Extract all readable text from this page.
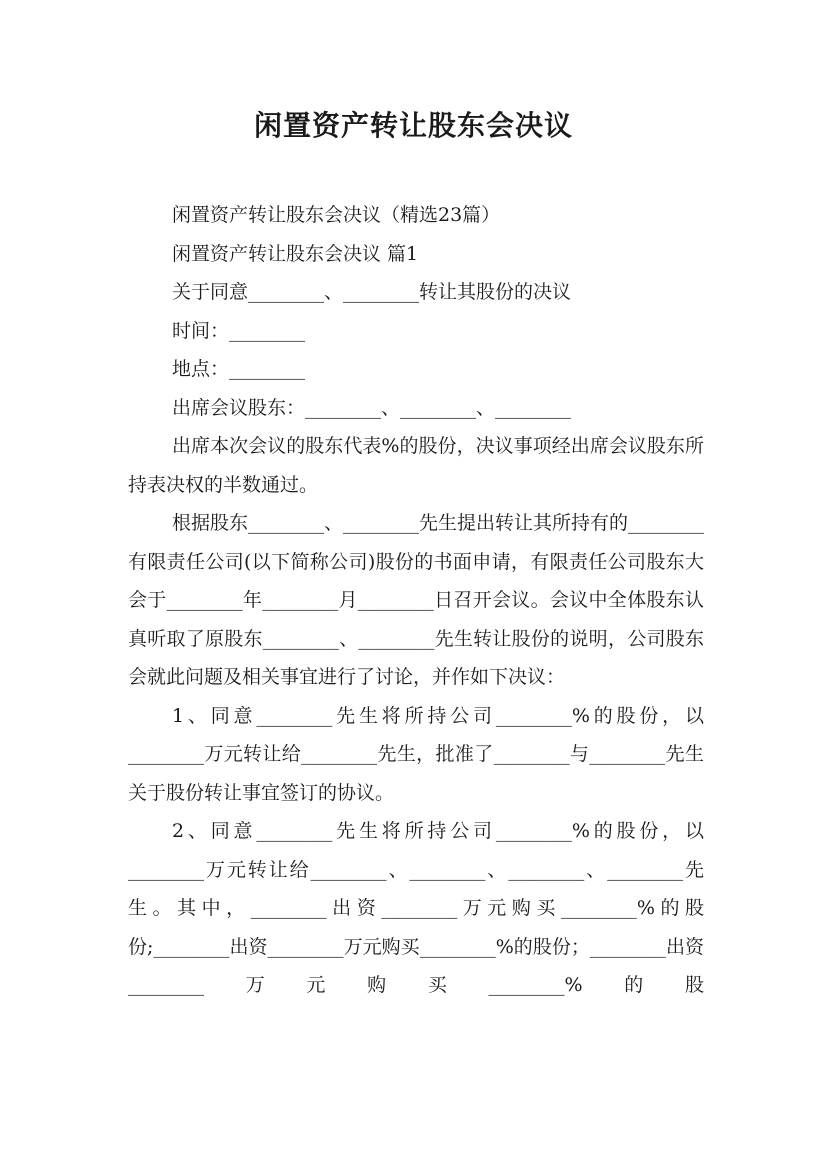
闲置资产转让股东会决议

闲置资产转让股东会决议（精选23篇）

闲置资产转让股东会决议 篇1

关于同意________、________转让其股份的决议

时间：________

地点：________

出席会议股东：________、________、________

出席本次会议的股东代表%的股份，决议事项经出席会议股东所持表决权的半数通过。

根据股东________、________先生提出转让其所持有的________有限责任公司(以下简称公司)股份的书面申请，有限责任公司股东大会于________年________月________日召开会议。会议中全体股东认真听取了原股东________、________先生转让股份的说明，公司股东会就此问题及相关事宜进行了讨论，并作如下决议：

1、同意________先生将所持公司________%的股份，以________万元转让给________先生，批准了________与________先生关于股份转让事宜签订的协议。

2、同意________先生将所持公司________%的股份，以________万元转让给________、________、________、________先生。其中，________出资________万元购买________%的股份;________出资________万元购买________%的股份；________出资________万元购买________%的股
